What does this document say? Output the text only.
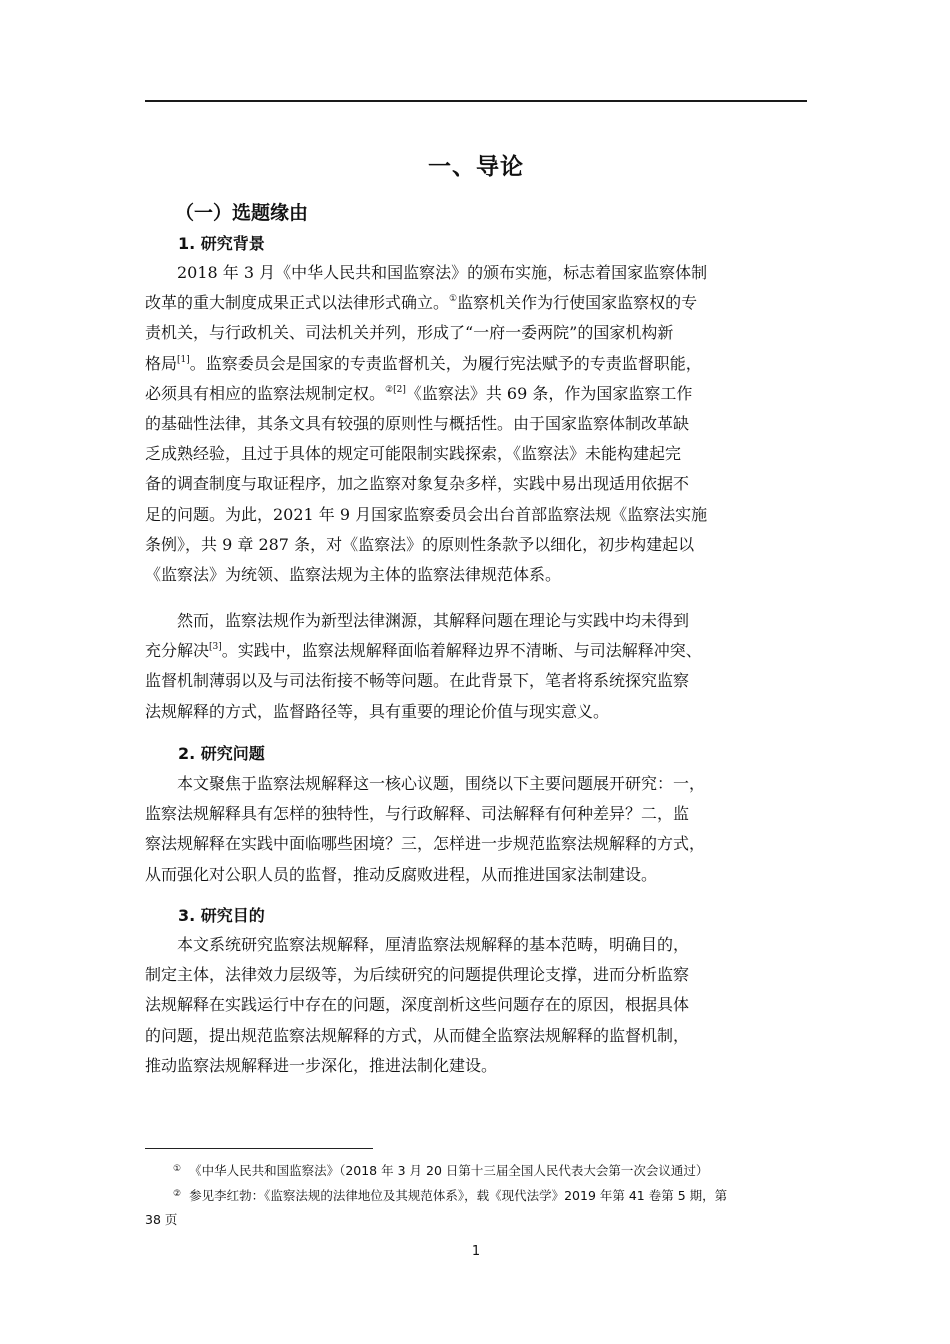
一、导论
（一）选题缘由
1. 研究背景
2018 年 3 月《中华人民共和国监察法》的颁布实施，标志着国家监察体制
改革的重大制度成果正式以法律形式确立。①监察机关作为行使国家监察权的专
责机关，与行政机关、司法机关并列，形成了“一府一委两院”的国家机构新
格局[1]。监察委员会是国家的专责监督机关，为履行宪法赋予的专责监督职能，
必须具有相应的监察法规制定权。$^{②[2]}$《监察法》共 69 条，作为国家监察工作
的基础性法律，其条文具有较强的原则性与概括性。由于国家监察体制改革缺
乏成熟经验，且过于具体的规定可能限制实践探索，《监察法》未能构建起完
备的调查制度与取证程序，加之监察对象复杂多样，实践中易出现适用依据不
足的问题。为此，2021 年 9 月国家监察委员会出台首部监察法规《监察法实施
条例》，共 9 章 287 条，对《监察法》的原则性条款予以细化，初步构建起以
《监察法》为统领、监察法规为主体的监察法律规范体系。
然而，监察法规作为新型法律渊源，其解释问题在理论与实践中均未得到
充分解决[3]。实践中，监察法规解释面临着解释边界不清晰、与司法解释冲突、
监督机制薄弱以及与司法衔接不畅等问题。在此背景下，笔者将系统探究监察
法规解释的方式，监督路径等，具有重要的理论价值与现实意义。
2. 研究问题
本文聚焦于监察法规解释这一核心议题，围绕以下主要问题展开研究：一，
监察法规解释具有怎样的独特性，与行政解释、司法解释有何种差异？二，监
察法规解释在实践中面临哪些困境？三，怎样进一步规范监察法规解释的方式，
从而强化对公职人员的监督，推动反腐败进程，从而推进国家法制建设。
3. 研究目的
本文系统研究监察法规解释，厘清监察法规解释的基本范畴，明确目的，
制定主体，法律效力层级等，为后续研究的问题提供理论支撑，进而分析监察
法规解释在实践运行中存在的问题，深度剖析这些问题存在的原因，根据具体
的问题，提出规范监察法规解释的方式，从而健全监察法规解释的监督机制，
推动监察法规解释进一步深化，推进法制化建设。
① 《中华人民共和国监察法》（2018 年 3 月 20 日第十三届全国人民代表大会第一次会议通过）
② 参见李红勃：《监察法规的法律地位及其规范体系》，载《现代法学》2019 年第 41 卷第 5 期，第
38 页
1
